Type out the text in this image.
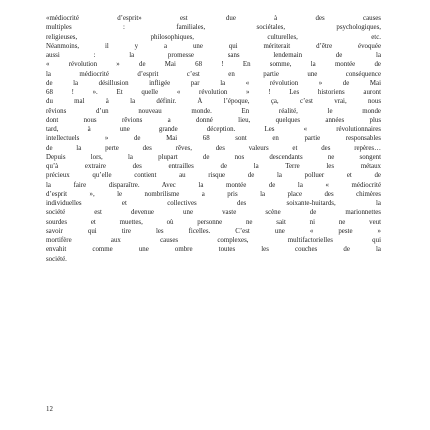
«médiocrité d’esprit» est due à des causes
multiples : familiales, sociétales, psychologiques,
religieuses, philosophiques, culturelles, etc.
Néanmoins, il y a une qui mériterait d’être évoquée
aussi : la promesse sans lendemain de la
« révolution » de Mai 68 ! En somme, la montée de
la médiocrité d’esprit c’est en partie une conséquence
de la désillusion infligée par la « révolution » de Mai
68 ! ». Et quelle « révolution » ! Les historiens auront
du mal à la définir. À l’époque, ça, c’est vrai, nous
rêvions d’un nouveau monde. En réalité, le monde
dont nous rêvions a donné lieu, quelques années plus
tard, à une grande déception. Les « révolutionnaires
intellectuels » de Mai 68 sont en partie responsables
de la perte des rêves, des valeurs et des repères…
Depuis lors, la plupart de nos descendants ne songent
qu’à extraire des entrailles de la Terre les métaux
précieux qu’elle contient au risque de la polluer et de
la faire disparaître. Avec la montée de la « médiocrité
d’esprit », le nombrilisme a pris la place des chimères
individuelles et collectives des soixante-huitards, la
société est devenue une vaste scène de marionnettes
sourdes et muettes, où personne ne sait ni ne veut
savoir qui tire les ficelles. C’est une « peste »
mortifère aux causes complexes, multifactorielles qui
envahit comme une ombre toutes les couches de la
société.
12
